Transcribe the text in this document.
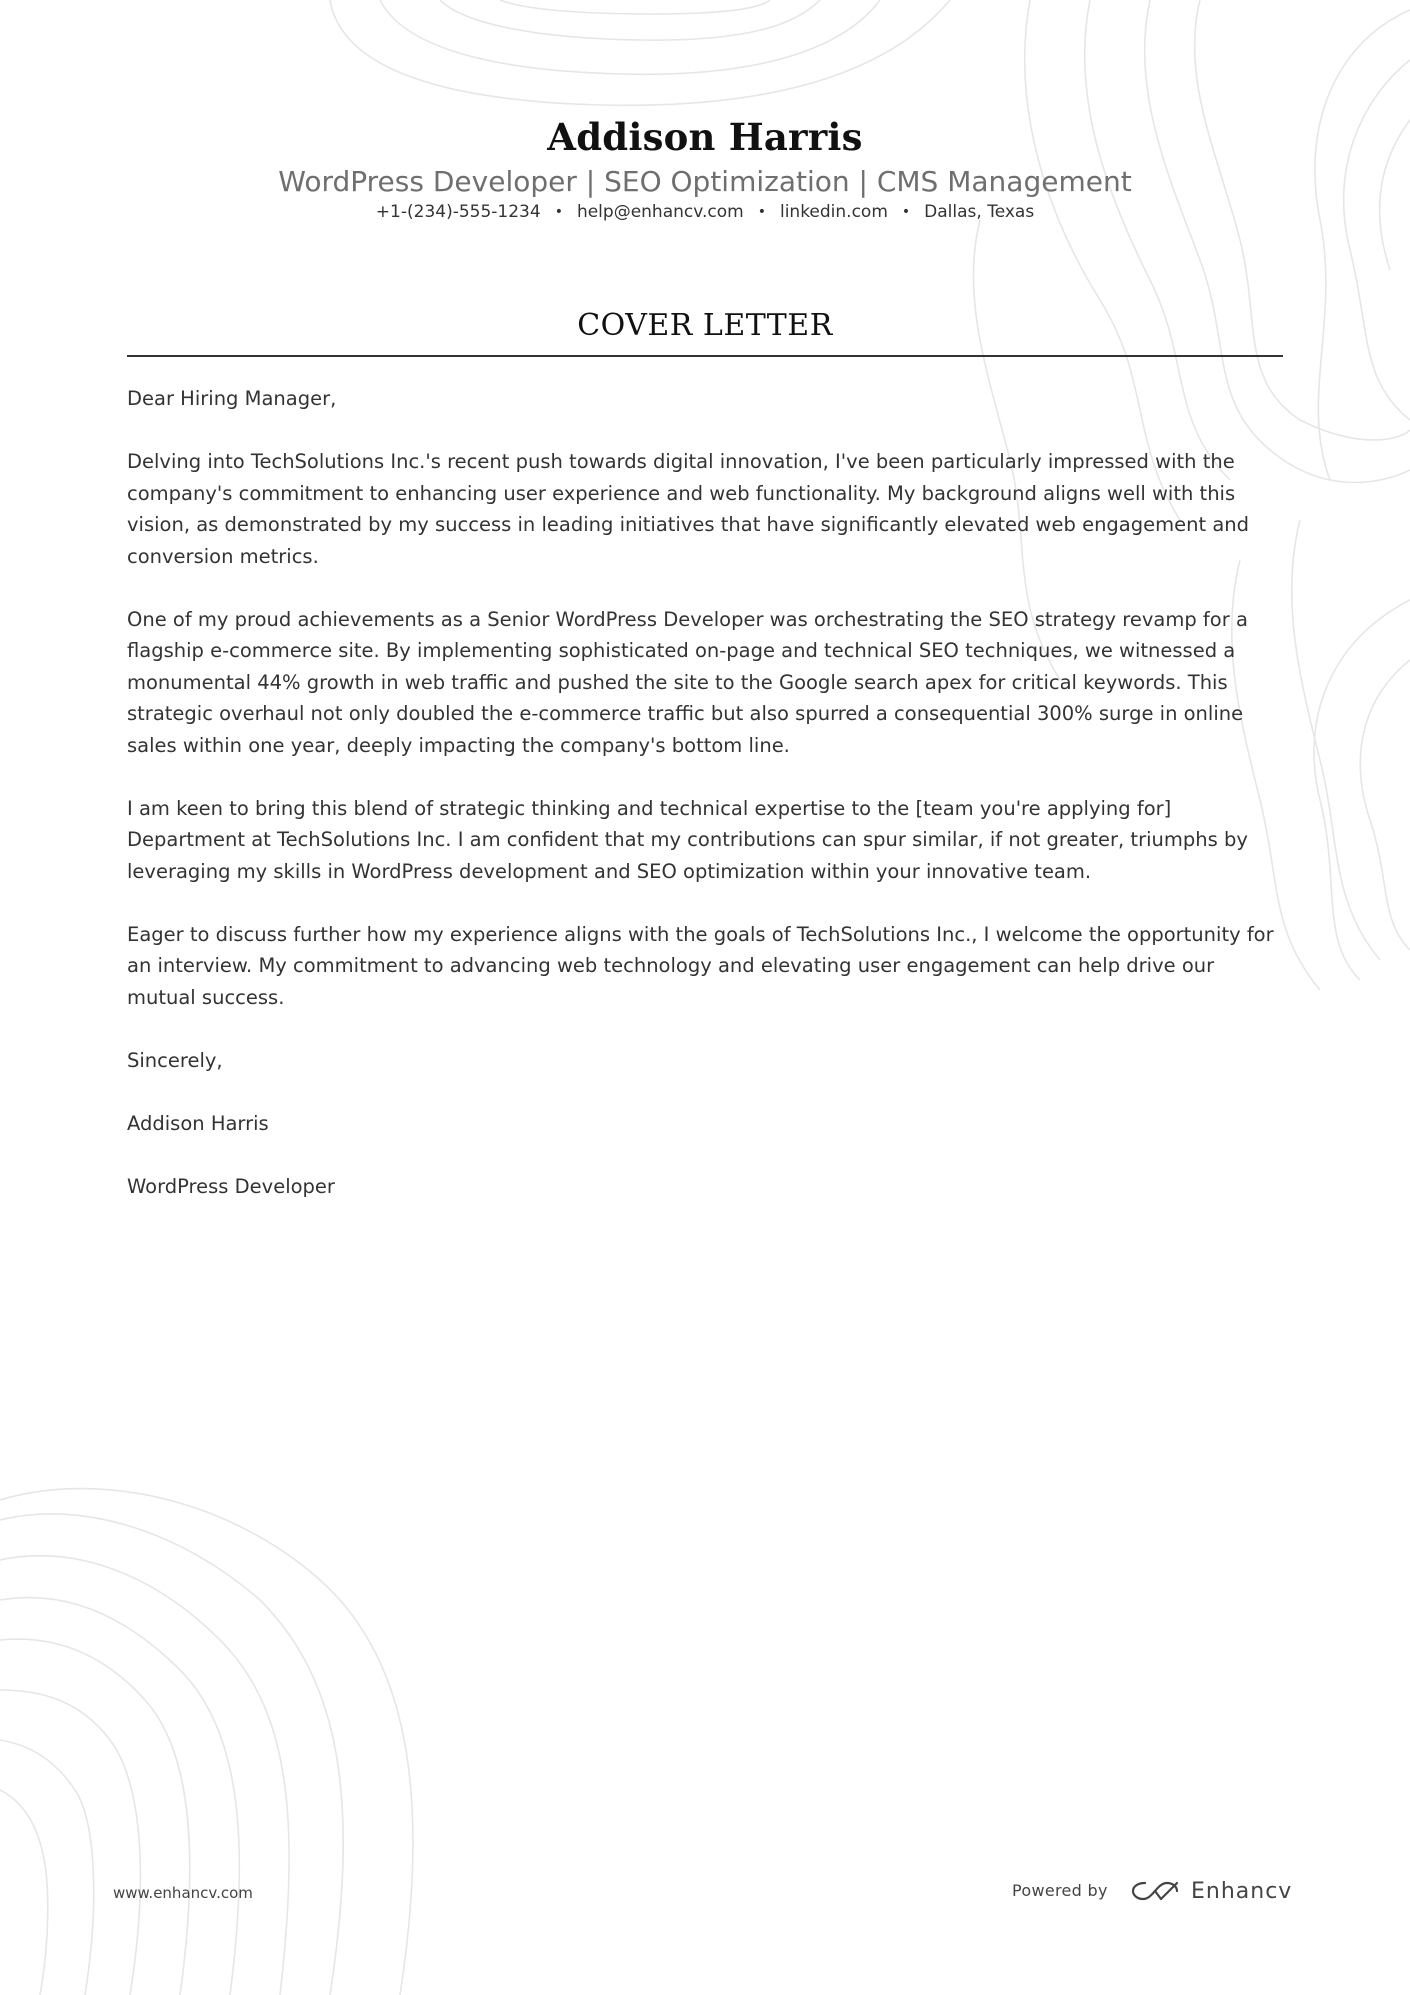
Addison Harris
WordPress Developer | SEO Optimization | CMS Management
+1-(234)-555-1234 • help@enhancv.com • linkedin.com • Dallas, Texas
COVER LETTER

Dear Hiring Manager,

Delving into TechSolutions Inc.'s recent push towards digital innovation, I've been particularly impressed with the company's commitment to enhancing user experience and web functionality. My background aligns well with this vision, as demonstrated by my success in leading initiatives that have significantly elevated web engagement and conversion metrics.

One of my proud achievements as a Senior WordPress Developer was orchestrating the SEO strategy revamp for a flagship e-commerce site. By implementing sophisticated on-page and technical SEO techniques, we witnessed a monumental 44% growth in web traffic and pushed the site to the Google search apex for critical keywords. This strategic overhaul not only doubled the e-commerce traffic but also spurred a consequential 300% surge in online sales within one year, deeply impacting the company's bottom line.

I am keen to bring this blend of strategic thinking and technical expertise to the [team you're applying for] Department at TechSolutions Inc. I am confident that my contributions can spur similar, if not greater, triumphs by leveraging my skills in WordPress development and SEO optimization within your innovative team.

Eager to discuss further how my experience aligns with the goals of TechSolutions Inc., I welcome the opportunity for an interview. My commitment to advancing web technology and elevating user engagement can help drive our mutual success.

Sincerely,

Addison Harris

WordPress Developer

www.enhancv.com	Powered by	Enhancv
